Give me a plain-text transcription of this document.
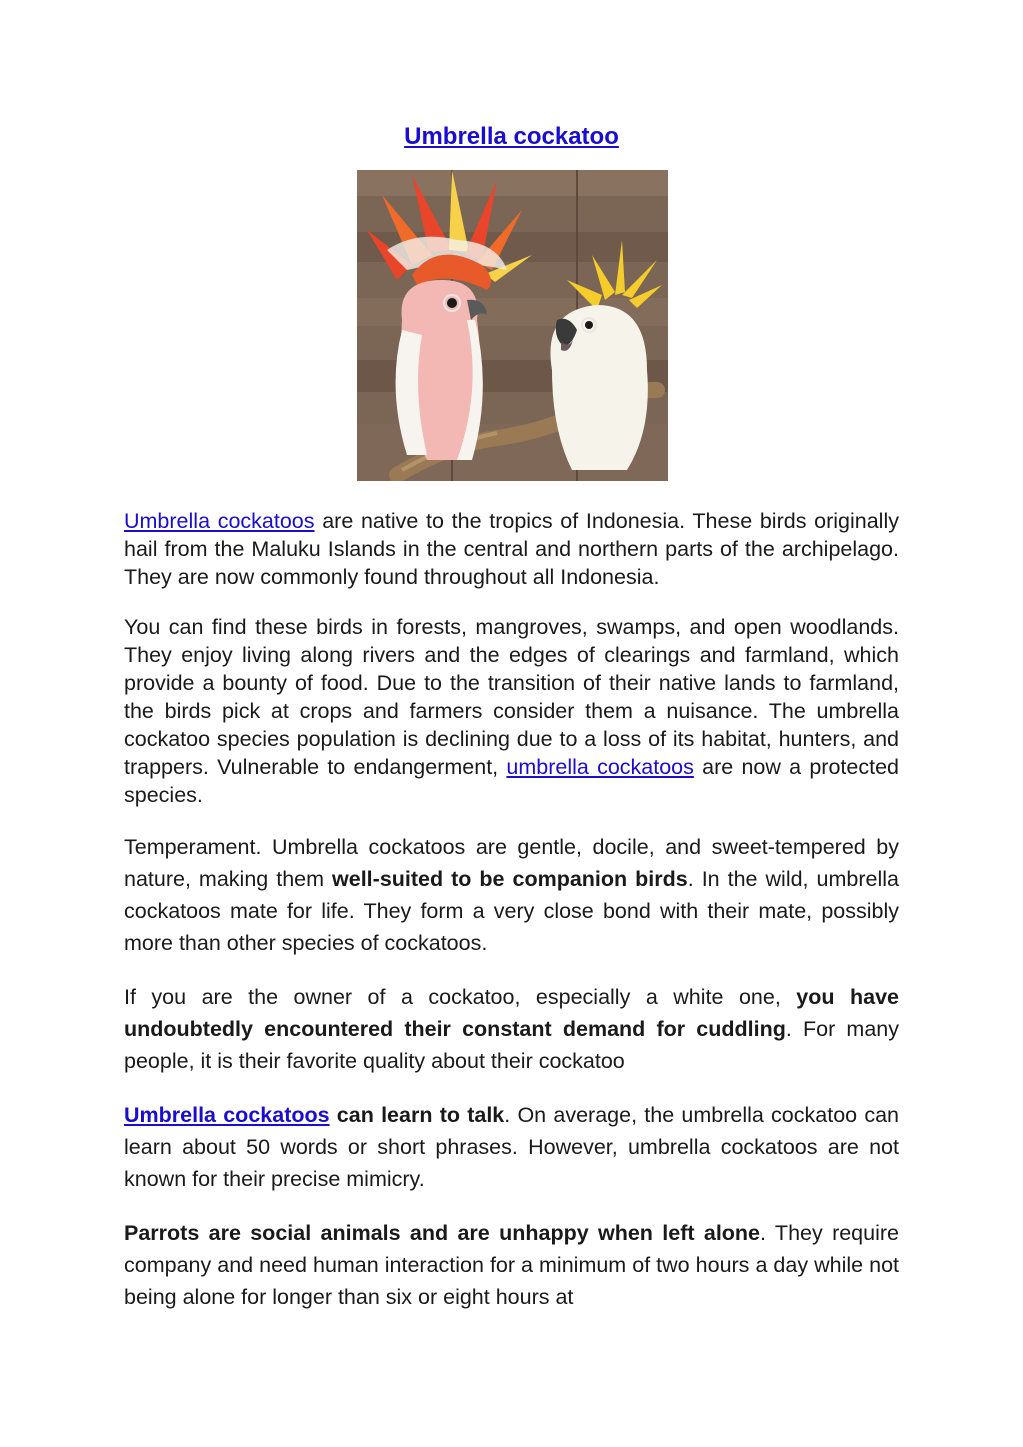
Umbrella cockatoo

Umbrella cockatoos are native to the tropics of Indonesia. These birds originally hail from the Maluku Islands in the central and northern parts of the archipelago. They are now commonly found throughout all Indonesia.

You can find these birds in forests, mangroves, swamps, and open woodlands. They enjoy living along rivers and the edges of clearings and farmland, which provide a bounty of food. Due to the transition of their native lands to farmland, the birds pick at crops and farmers consider them a nuisance. The umbrella cockatoo species population is declining due to a loss of its habitat, hunters, and trappers. Vulnerable to endangerment, umbrella cockatoos are now a protected species.

Temperament. Umbrella cockatoos are gentle, docile, and sweet-tempered by nature, making them well-suited to be companion birds. In the wild, umbrella cockatoos mate for life. They form a very close bond with their mate, possibly more than other species of cockatoos.

If you are the owner of a cockatoo, especially a white one, you have undoubtedly encountered their constant demand for cuddling. For many people, it is their favorite quality about their cockatoo

Umbrella cockatoos can learn to talk. On average, the umbrella cockatoo can learn about 50 words or short phrases. However, umbrella cockatoos are not known for their precise mimicry.

Parrots are social animals and are unhappy when left alone. They require company and need human interaction for a minimum of two hours a day while not being alone for longer than six or eight hours at
